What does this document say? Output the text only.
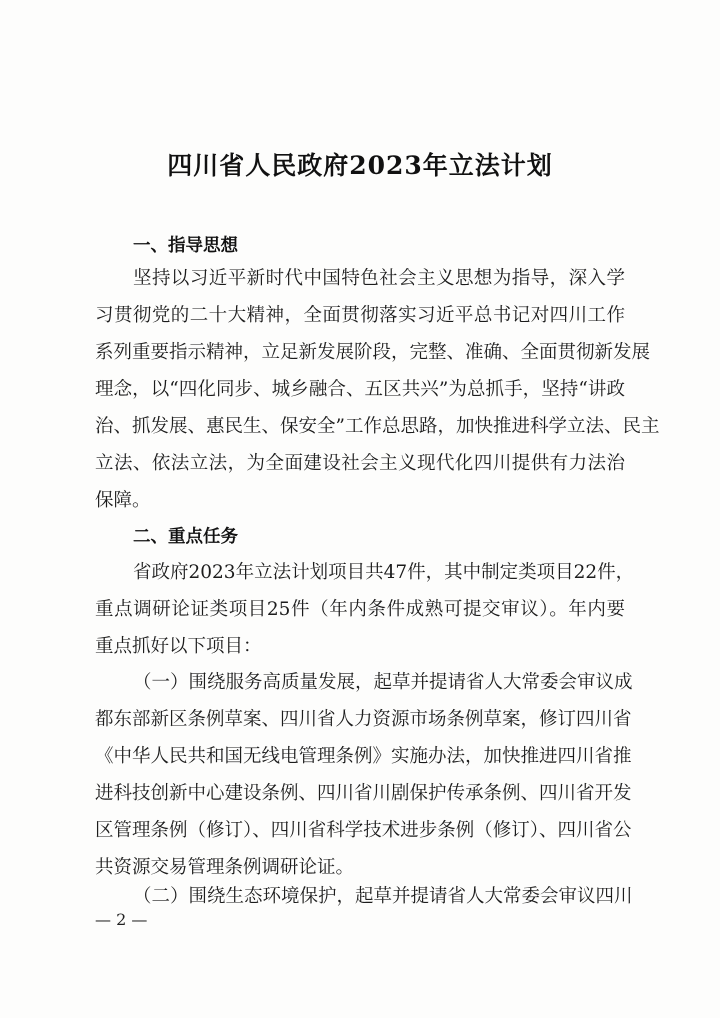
四川省人民政府2023年立法计划
一、指导思想
坚持以习近平新时代中国特色社会主义思想为指导，深入学
习贯彻党的二十大精神，全面贯彻落实习近平总书记对四川工作
系列重要指示精神，立足新发展阶段，完整、准确、全面贯彻新发展
理念，以“四化同步、城乡融合、五区共兴”为总抓手，坚持“讲政
治、抓发展、惠民生、保安全”工作总思路，加快推进科学立法、民主
立法、依法立法，为全面建设社会主义现代化四川提供有力法治
保障。
二、重点任务
省政府2023年立法计划项目共47件，其中制定类项目22件，
重点调研论证类项目25件（年内条件成熟可提交审议）。年内要
重点抓好以下项目：
（一）围绕服务高质量发展，起草并提请省人大常委会审议成
都东部新区条例草案、四川省人力资源市场条例草案，修订四川省
《中华人民共和国无线电管理条例》实施办法，加快推进四川省推
进科技创新中心建设条例、四川省川剧保护传承条例、四川省开发
区管理条例（修订）、四川省科学技术进步条例（修订）、四川省公
共资源交易管理条例调研论证。
（二）围绕生态环境保护，起草并提请省人大常委会审议四川
— 2 —
